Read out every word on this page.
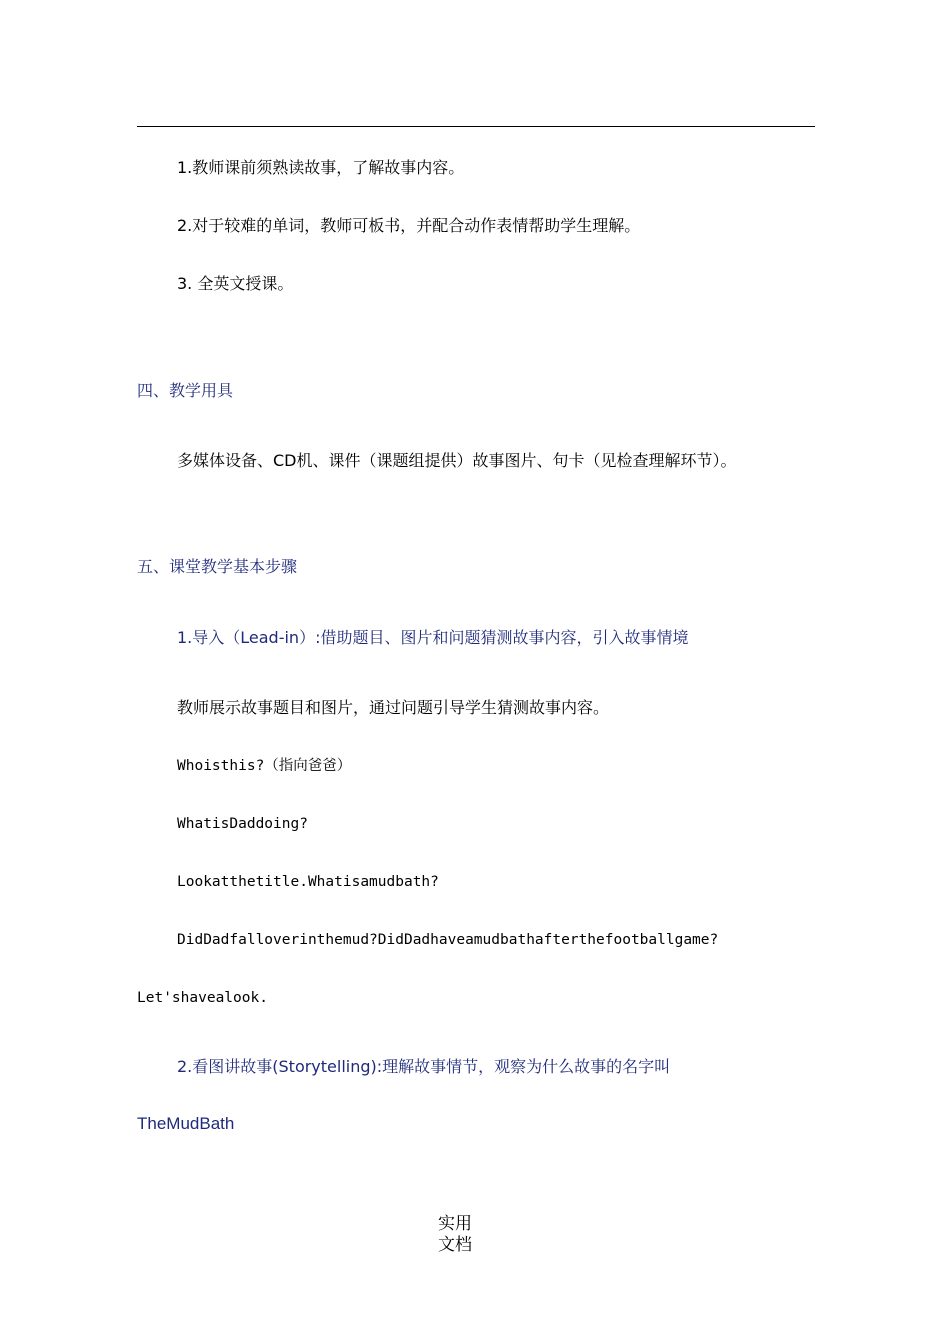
1.教师课前须熟读故事，了解故事内容。
2.对于较难的单词，教师可板书，并配合动作表情帮助学生理解。
3. 全英文授课。
四、教学用具
多媒体设备、CD机、课件（课题组提供）故事图片、句卡（见检查理解环节）。
五、课堂教学基本步骤
1.导入（Lead-in）:借助题目、图片和问题猜测故事内容，引入故事情境
教师展示故事题目和图片，通过问题引导学生猜测故事内容。
Whoisthis?（指向爸爸）
WhatisDaddoing?
Lookatthetitle.Whatisamudbath?
DidDadfalloverinthemud?DidDadhaveamudbathafterthefootballgame?
Let'shavealook.
2.看图讲故事(Storytelling):理解故事情节，观察为什么故事的名字叫
TheMudBath
实用
文档
